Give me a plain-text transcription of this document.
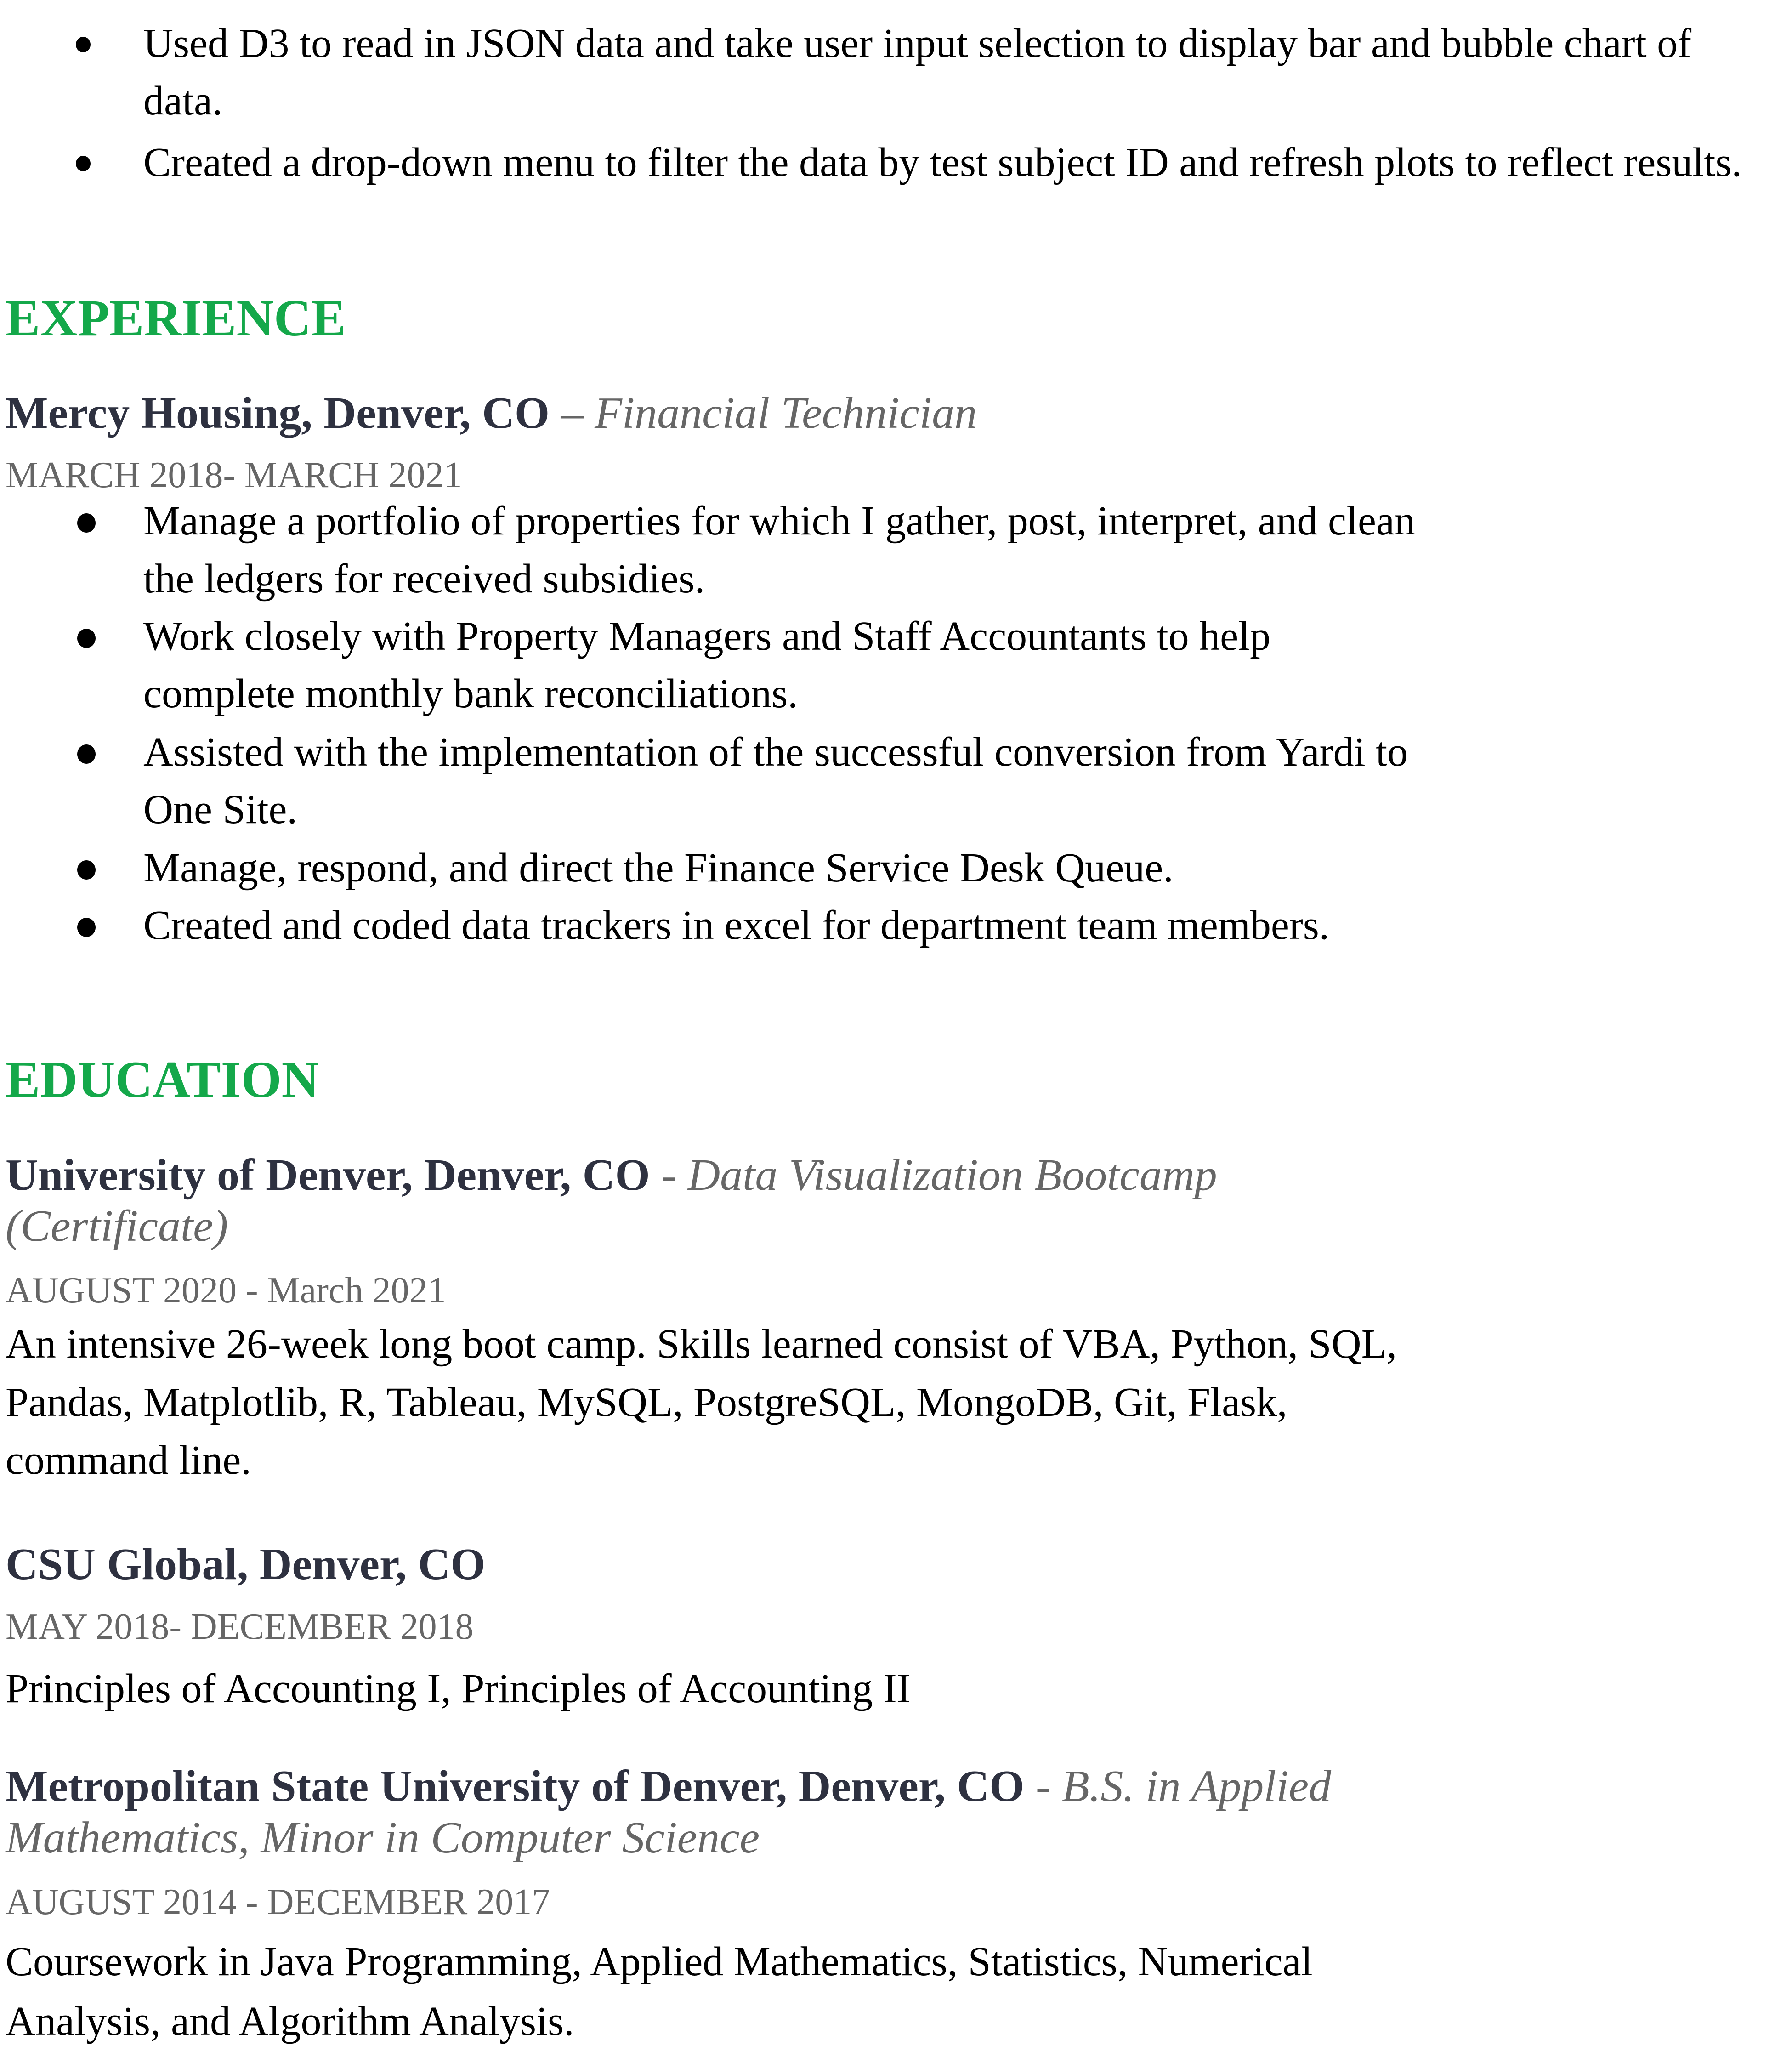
Used D3 to read in JSON data and take user input selection to display bar and bubble chart of

data.

Created a drop-down menu to filter the data by test subject ID and refresh plots to reflect results.

EXPERIENCE

Mercy Housing, Denver, CO – Financial Technician

MARCH 2018- MARCH 2021

Manage a portfolio of properties for which I gather, post, interpret, and clean

the ledgers for received subsidies.

Work closely with Property Managers and Staff Accountants to help

complete monthly bank reconciliations.

Assisted with the implementation of the successful conversion from Yardi to

One Site.

Manage, respond, and direct the Finance Service Desk Queue.

Created and coded data trackers in excel for department team members.

EDUCATION

University of Denver, Denver, CO - Data Visualization Bootcamp

(Certificate)

AUGUST 2020 - March 2021

An intensive 26-week long boot camp. Skills learned consist of VBA, Python, SQL,

Pandas, Matplotlib, R, Tableau, MySQL, PostgreSQL, MongoDB, Git, Flask,

command line.

CSU Global, Denver, CO

MAY 2018- DECEMBER 2018

Principles of Accounting I, Principles of Accounting II

Metropolitan State University of Denver, Denver, CO - B.S. in Applied

Mathematics, Minor in Computer Science

AUGUST 2014 - DECEMBER 2017

Coursework in Java Programming, Applied Mathematics, Statistics, Numerical

Analysis, and Algorithm Analysis.
